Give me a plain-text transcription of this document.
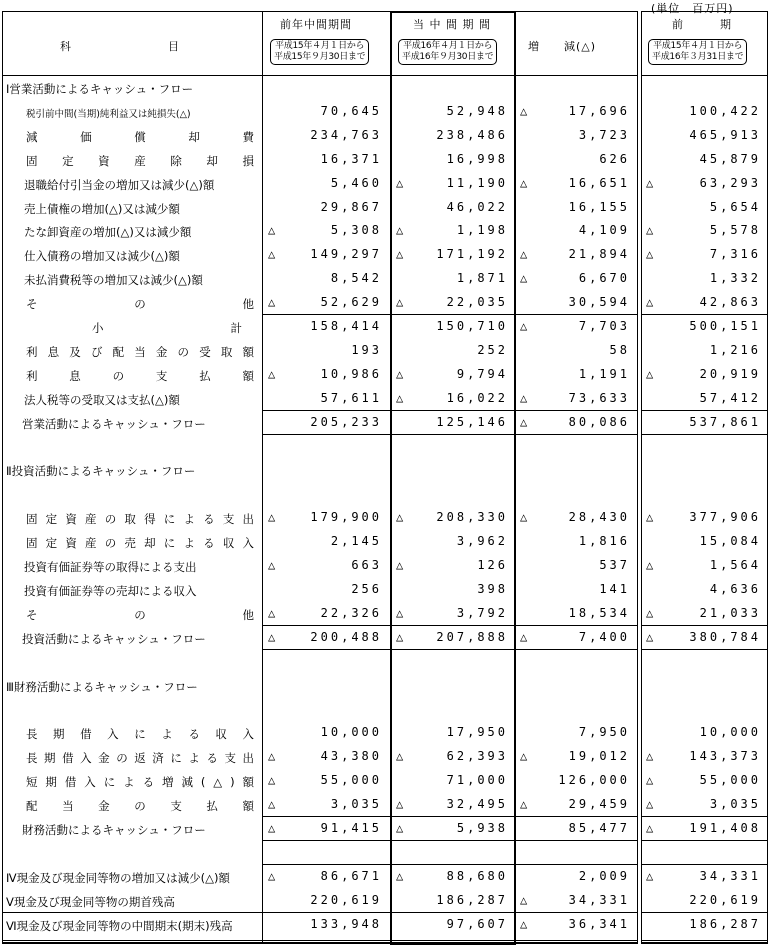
(単位　百万円)
科　　　　　　　　目
前年中間期間
平成15年４月１日から
平成15年９月30日まで
当 中 間 期 間
平成16年４月１日から
平成16年９月30日まで
増　　減(△)
前　　　期
平成15年４月１日から
平成16年３月31日まで
Ⅰ営業活動によるキャッシュ・フロー
税引前中間(当期)純利益又は純損失(△)	70,645	52,948 △	17,696	100,422
減価償却費	234,763	238,486	3,723	465,913
固定資産除却損	16,371	16,998	626	45,879
退職給付引当金の増加又は減少(△)額	5,460 △	11,190 △	16,651 △	63,293
売上債権の増加(△)又は減少額	29,867	46,022	16,155	5,654
たな卸資産の増加(△)又は減少額	△	5,308 △	1,198	4,109 △	5,578
仕入債務の増加又は減少(△)額	△	149,297 △	171,192 △	21,894 △	7,316
未払消費税等の増加又は減少(△)額	8,542	1,871 △	6,670	1,332
そ　の　他 △	52,629 △	22,035	30,594 △	42,863
小　　計	158,414	150,710 △	7,703	500,151
利息及び配当金の受取額	193	252	58	1,216
利息の支払額 △	10,986 △	9,794	1,191 △	20,919
法人税等の受取又は支払(△)額	57,611 △	16,022 △	73,633	57,412
営業活動によるキャッシュ・フロー	205,233	125,146 △	80,086	537,861
Ⅱ投資活動によるキャッシュ・フロー
固定資産の取得による支出 △	179,900 △	208,330 △	28,430 △	377,906
固定資産の売却による収入	2,145	3,962	1,816	15,084
投資有価証券等の取得による支出	△	663 △	126	537 △	1,564
投資有価証券等の売却による収入	256	398	141	4,636
そ　の　他 △	22,326 △	3,792	18,534 △	21,033
投資活動によるキャッシュ・フロー	△	200,488 △	207,888 △	7,400 △	380,784
Ⅲ財務活動によるキャッシュ・フロー
長期借入による収入	10,000	17,950	7,950	10,000
長期借入金の返済による支出 △	43,380 △	62,393 △	19,012 △	143,373
短期借入による増減(△)額 △	55,000	71,000	126,000 △	55,000
配当金の支払額 △	3,035 △	32,495 △	29,459 △	3,035
財務活動によるキャッシュ・フロー	△	91,415 △	5,938	85,477 △	191,408
Ⅳ現金及び現金同等物の増加又は減少(△)額	△	86,671 △	88,680	2,009 △	34,331
Ⅴ現金及び現金同等物の期首残高	220,619	186,287 △	34,331	220,619
Ⅵ現金及び現金同等物の中間期末(期末)残高	133,948	97,607 △	36,341	186,287
